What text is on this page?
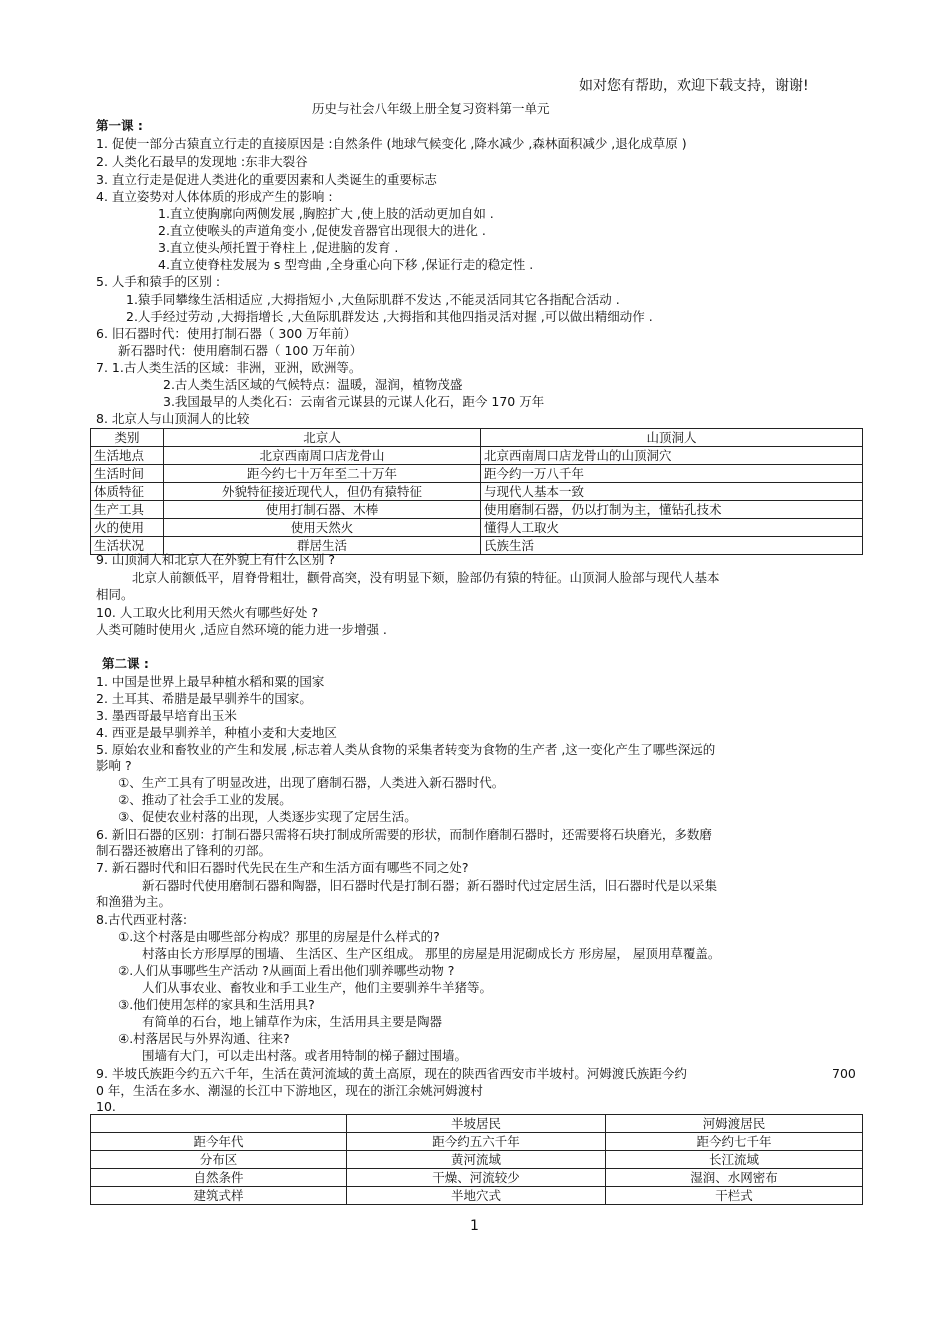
如对您有帮助，欢迎下载支持，谢谢!
历史与社会八年级上册全复习资料第一单元
第一课 :
1. 促使一部分古猿直立行走的直接原因是 :自然条件 (地球气候变化 ,降水减少 ,森林面积减少 ,退化成草原 )
2. 人类化石最早的发现地 :东非大裂谷
3. 直立行走是促进人类进化的重要因素和人类诞生的重要标志
4. 直立姿势对人体体质的形成产生的影响 :
1.直立使胸廓向两侧发展 ,胸腔扩大 ,使上肢的活动更加自如 .
2.直立使喉头的声道角变小 ,促使发音器官出现很大的进化 .
3.直立使头颅托置于脊柱上 ,促进脑的发育 .
4.直立使脊柱发展为 s 型弯曲 ,全身重心向下移 ,保证行走的稳定性 .
5. 人手和猿手的区别 :
1.猿手同攀缘生活相适应 ,大拇指短小 ,大鱼际肌群不发达 ,不能灵活同其它各指配合活动 .
2.人手经过劳动 ,大拇指增长 ,大鱼际肌群发达 ,大拇指和其他四指灵活对握 ,可以做出精细动作 .
6. 旧石器时代：使用打制石器（ 300 万年前）
新石器时代：使用磨制石器（ 100 万年前）
7. 1.古人类生活的区域：非洲，亚洲，欧洲等。
2.古人类生活区域的气候特点：温暖，湿润，植物茂盛
3.我国最早的人类化石：云南省元谋县的元谋人化石，距今 170 万年
8. 北京人与山顶洞人的比较
类别	北京人	山顶洞人
生活地点	北京西南周口店龙骨山	北京西南周口店龙骨山的山顶洞穴
生活时间	距今约七十万年至二十万年	距今约一万八千年
体质特征	外貌特征接近现代人，但仍有猿特征	与现代人基本一致
生产工具	使用打制石器、木棒	使用磨制石器，仍以打制为主，懂钻孔技术
火的使用	使用天然火	懂得人工取火
生活状况	群居生活	氏族生活
9. 山顶洞人和北京人在外貌上有什么区别 ?
北京人前额低平，眉脊骨粗壮，颧骨高突，没有明显下颏，脸部仍有猿的特征。山顶洞人脸部与现代人基本
相同。
10. 人工取火比利用天然火有哪些好处 ?
人类可随时使用火 ,适应自然环境的能力进一步增强 .
第二课 :
1. 中国是世界上最早种植水稻和粟的国家
2. 土耳其、希腊是最早驯养牛的国家。
3. 墨西哥最早培育出玉米
4. 西亚是最早驯养羊，种植小麦和大麦地区
5. 原始农业和畜牧业的产生和发展 ,标志着人类从食物的采集者转变为食物的生产者 ,这一变化产生了哪些深远的
影响 ?
①、生产工具有了明显改进，出现了磨制石器，人类进入新石器时代。
②、推动了社会手工业的发展。
③、促使农业村落的出现，人类逐步实现了定居生活。
6. 新旧石器的区别：打制石器只需将石块打制成所需要的形状，而制作磨制石器时，还需要将石块磨光，多数磨
制石器还被磨出了锋利的刃部。
7. 新石器时代和旧石器时代先民在生产和生活方面有哪些不同之处?
新石器时代使用磨制石器和陶器，旧石器时代是打制石器；新石器时代过定居生活，旧石器时代是以采集
和渔猎为主。
8.古代西亚村落:
①.这个村落是由哪些部分构成？那里的房屋是什么样式的?
村落由长方形厚厚的围墙、 生活区、生产区组成。 那里的房屋是用泥砌成长方 形房屋， 屋顶用草覆盖。
②.人们从事哪些生产活动 ?从画面上看出他们驯养哪些动物 ?
人们从事农业、畜牧业和手工业生产，他们主要驯养牛羊猪等。
③.他们使用怎样的家具和生活用具?
有简单的石台，地上铺草作为床，生活用具主要是陶器
④.村落居民与外界沟通、往来?
围墙有大门，可以走出村落。或者用特制的梯子翻过围墙。
9. 半坡氏族距今约五六千年，生活在黄河流域的黄土高原，现在的陕西省西安市半坡村。河姆渡氏族距今约	700
0 年，生活在多水、潮湿的长江中下游地区，现在的浙江余姚河姆渡村
10.
	半坡居民	河姆渡居民
距今年代	距今约五六千年	距今约七千年
分布区	黄河流域	长江流域
自然条件	干燥、河流较少	湿润、水网密布
建筑式样	半地穴式	干栏式
1
